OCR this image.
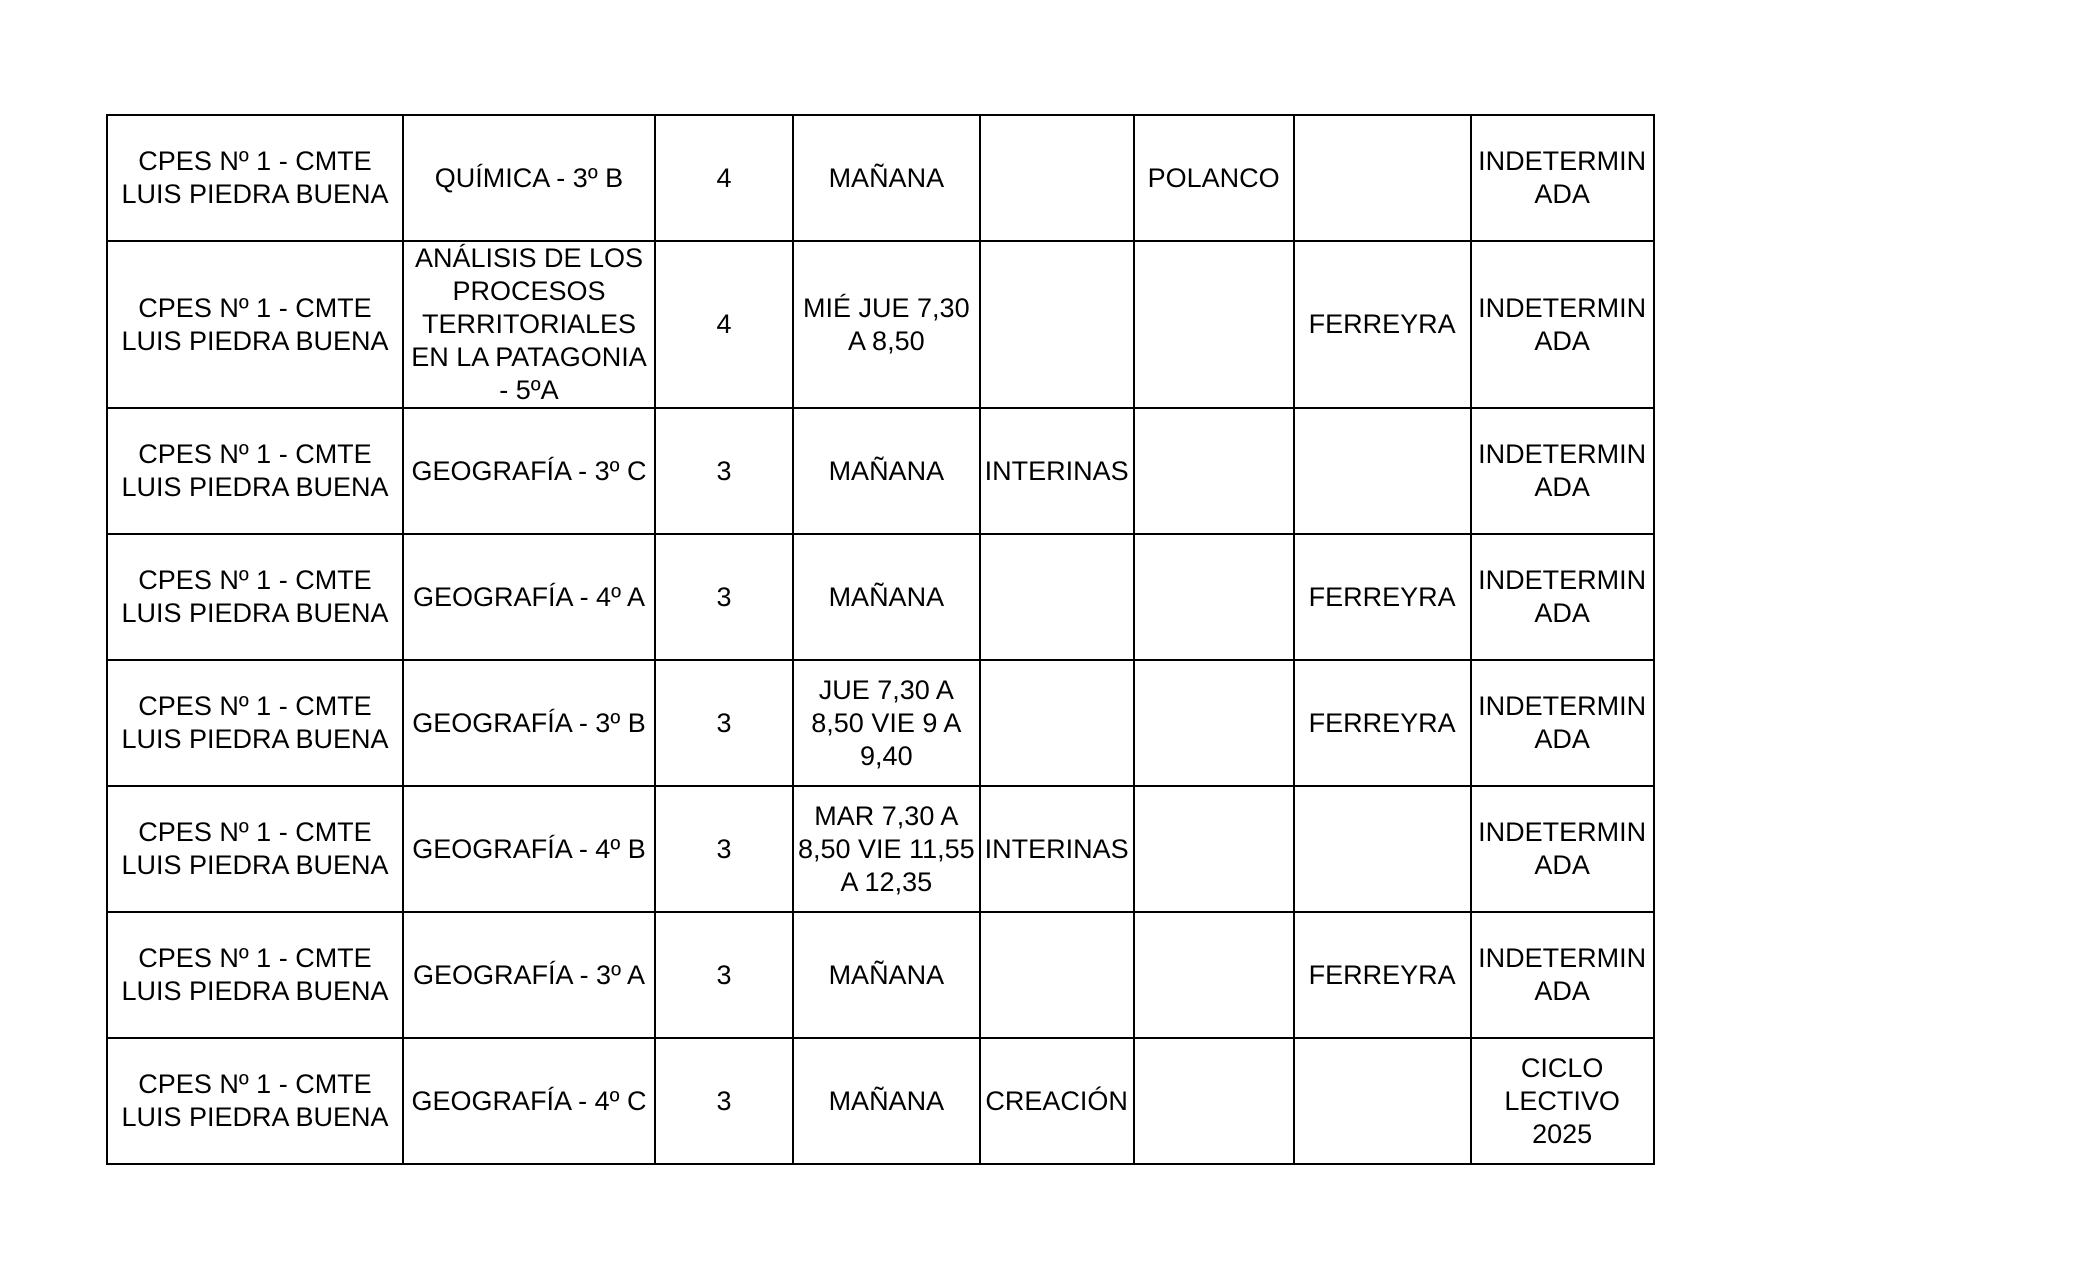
CPES Nº 1 - CMTE
LUIS PIEDRA BUENA	QUÍMICA - 3º B	4	MAÑANA		POLANCO		INDETERMIN
ADA

CPES Nº 1 - CMTE
LUIS PIEDRA BUENA	ANÁLISIS DE LOS
PROCESOS
TERRITORIALES
EN LA PATAGONIA
- 5ºA	4	MIÉ JUE 7,30
A 8,50			FERREYRA	INDETERMIN
ADA

CPES Nº 1 - CMTE
LUIS PIEDRA BUENA	GEOGRAFÍA - 3º C	3	MAÑANA	INTERINAS			INDETERMIN
ADA

CPES Nº 1 - CMTE
LUIS PIEDRA BUENA	GEOGRAFÍA - 4º A	3	MAÑANA			FERREYRA	INDETERMIN
ADA

CPES Nº 1 - CMTE
LUIS PIEDRA BUENA	GEOGRAFÍA - 3º B	3	JUE 7,30 A
8,50 VIE 9 A
9,40			FERREYRA	INDETERMIN
ADA

CPES Nº 1 - CMTE
LUIS PIEDRA BUENA	GEOGRAFÍA - 4º B	3	MAR 7,30 A
8,50 VIE 11,55
A 12,35	INTERINAS			INDETERMIN
ADA

CPES Nº 1 - CMTE
LUIS PIEDRA BUENA	GEOGRAFÍA - 3º A	3	MAÑANA			FERREYRA	INDETERMIN
ADA

CPES Nº 1 - CMTE
LUIS PIEDRA BUENA	GEOGRAFÍA - 4º C	3	MAÑANA	CREACIÓN			CICLO
LECTIVO
2025
